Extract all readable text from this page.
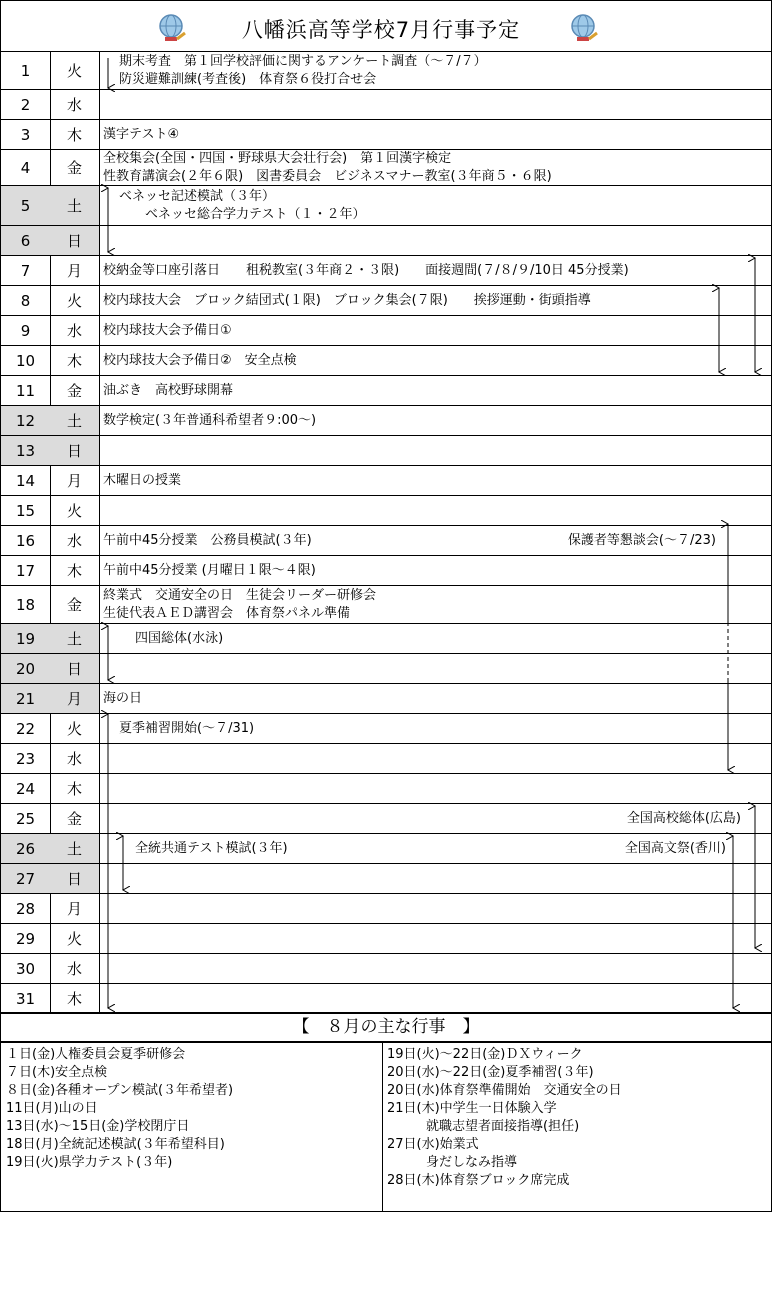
八幡浜高等学校7月行事予定
1	火
期末考査　第１回学校評価に関するアンケート調査（～７/７）
防災避難訓練(考査後)　体育祭６役打合せ会
2	水
3	木	漢字テスト④
4	金
全校集会(全国・四国・野球県大会壮行会)　第１回漢字検定
性教育講演会(２年６限)　図書委員会　ビジネスマナー教室(３年商５・６限)
5	土
ベネッセ記述模試（３年）
　　ベネッセ総合学力テスト（１・２年）
6	日
7	月	校納金等口座引落日　　租税教室(３年商２・３限)　　面接週間(７/８/９/10日 45分授業)
8	火	校内球技大会　ブロック結団式(１限)　ブロック集会(７限)　　挨拶運動・街頭指導
9	水	校内球技大会予備日①
10	木	校内球技大会予備日②　安全点検
11	金	油ぶき　高校野球開幕
12	土	数学検定(３年普通科希望者９:00～)
13	日
14	月	木曜日の授業
15	火
16	水	午前中45分授業　公務員模試(３年)	保護者等懇談会(～７/23)
17	木	午前中45分授業 (月曜日１限～４限)
18	金
終業式　交通安全の日　生徒会リーダー研修会
生徒代表ＡＥＤ講習会　体育祭パネル準備
19	土	四国総体(水泳)
20	日
21	月	海の日
22	火	夏季補習開始(～７/31)
23	水
24	木
25	金	全国高校総体(広島)
26	土	全統共通テスト模試(３年)	全国高文祭(香川)
27	日
28	月
29	火
30	水
31	木
【　８月の主な行事　】
１日(金)人権委員会夏季研修会
７日(木)安全点検
８日(金)各種オープン模試(３年希望者)
11日(月)山の日
13日(水)～15日(金)学校閉庁日
18日(月)全統記述模試(３年希望科目)
19日(火)県学力テスト(３年)
19日(火)～22日(金)ＤＸウィーク
20日(水)～22日(金)夏季補習(３年)
20日(水)体育祭準備開始　交通安全の日
21日(木)中学生一日体験入学
　　　就職志望者面接指導(担任)
27日(水)始業式
　　　身だしなみ指導
28日(木)体育祭ブロック席完成
